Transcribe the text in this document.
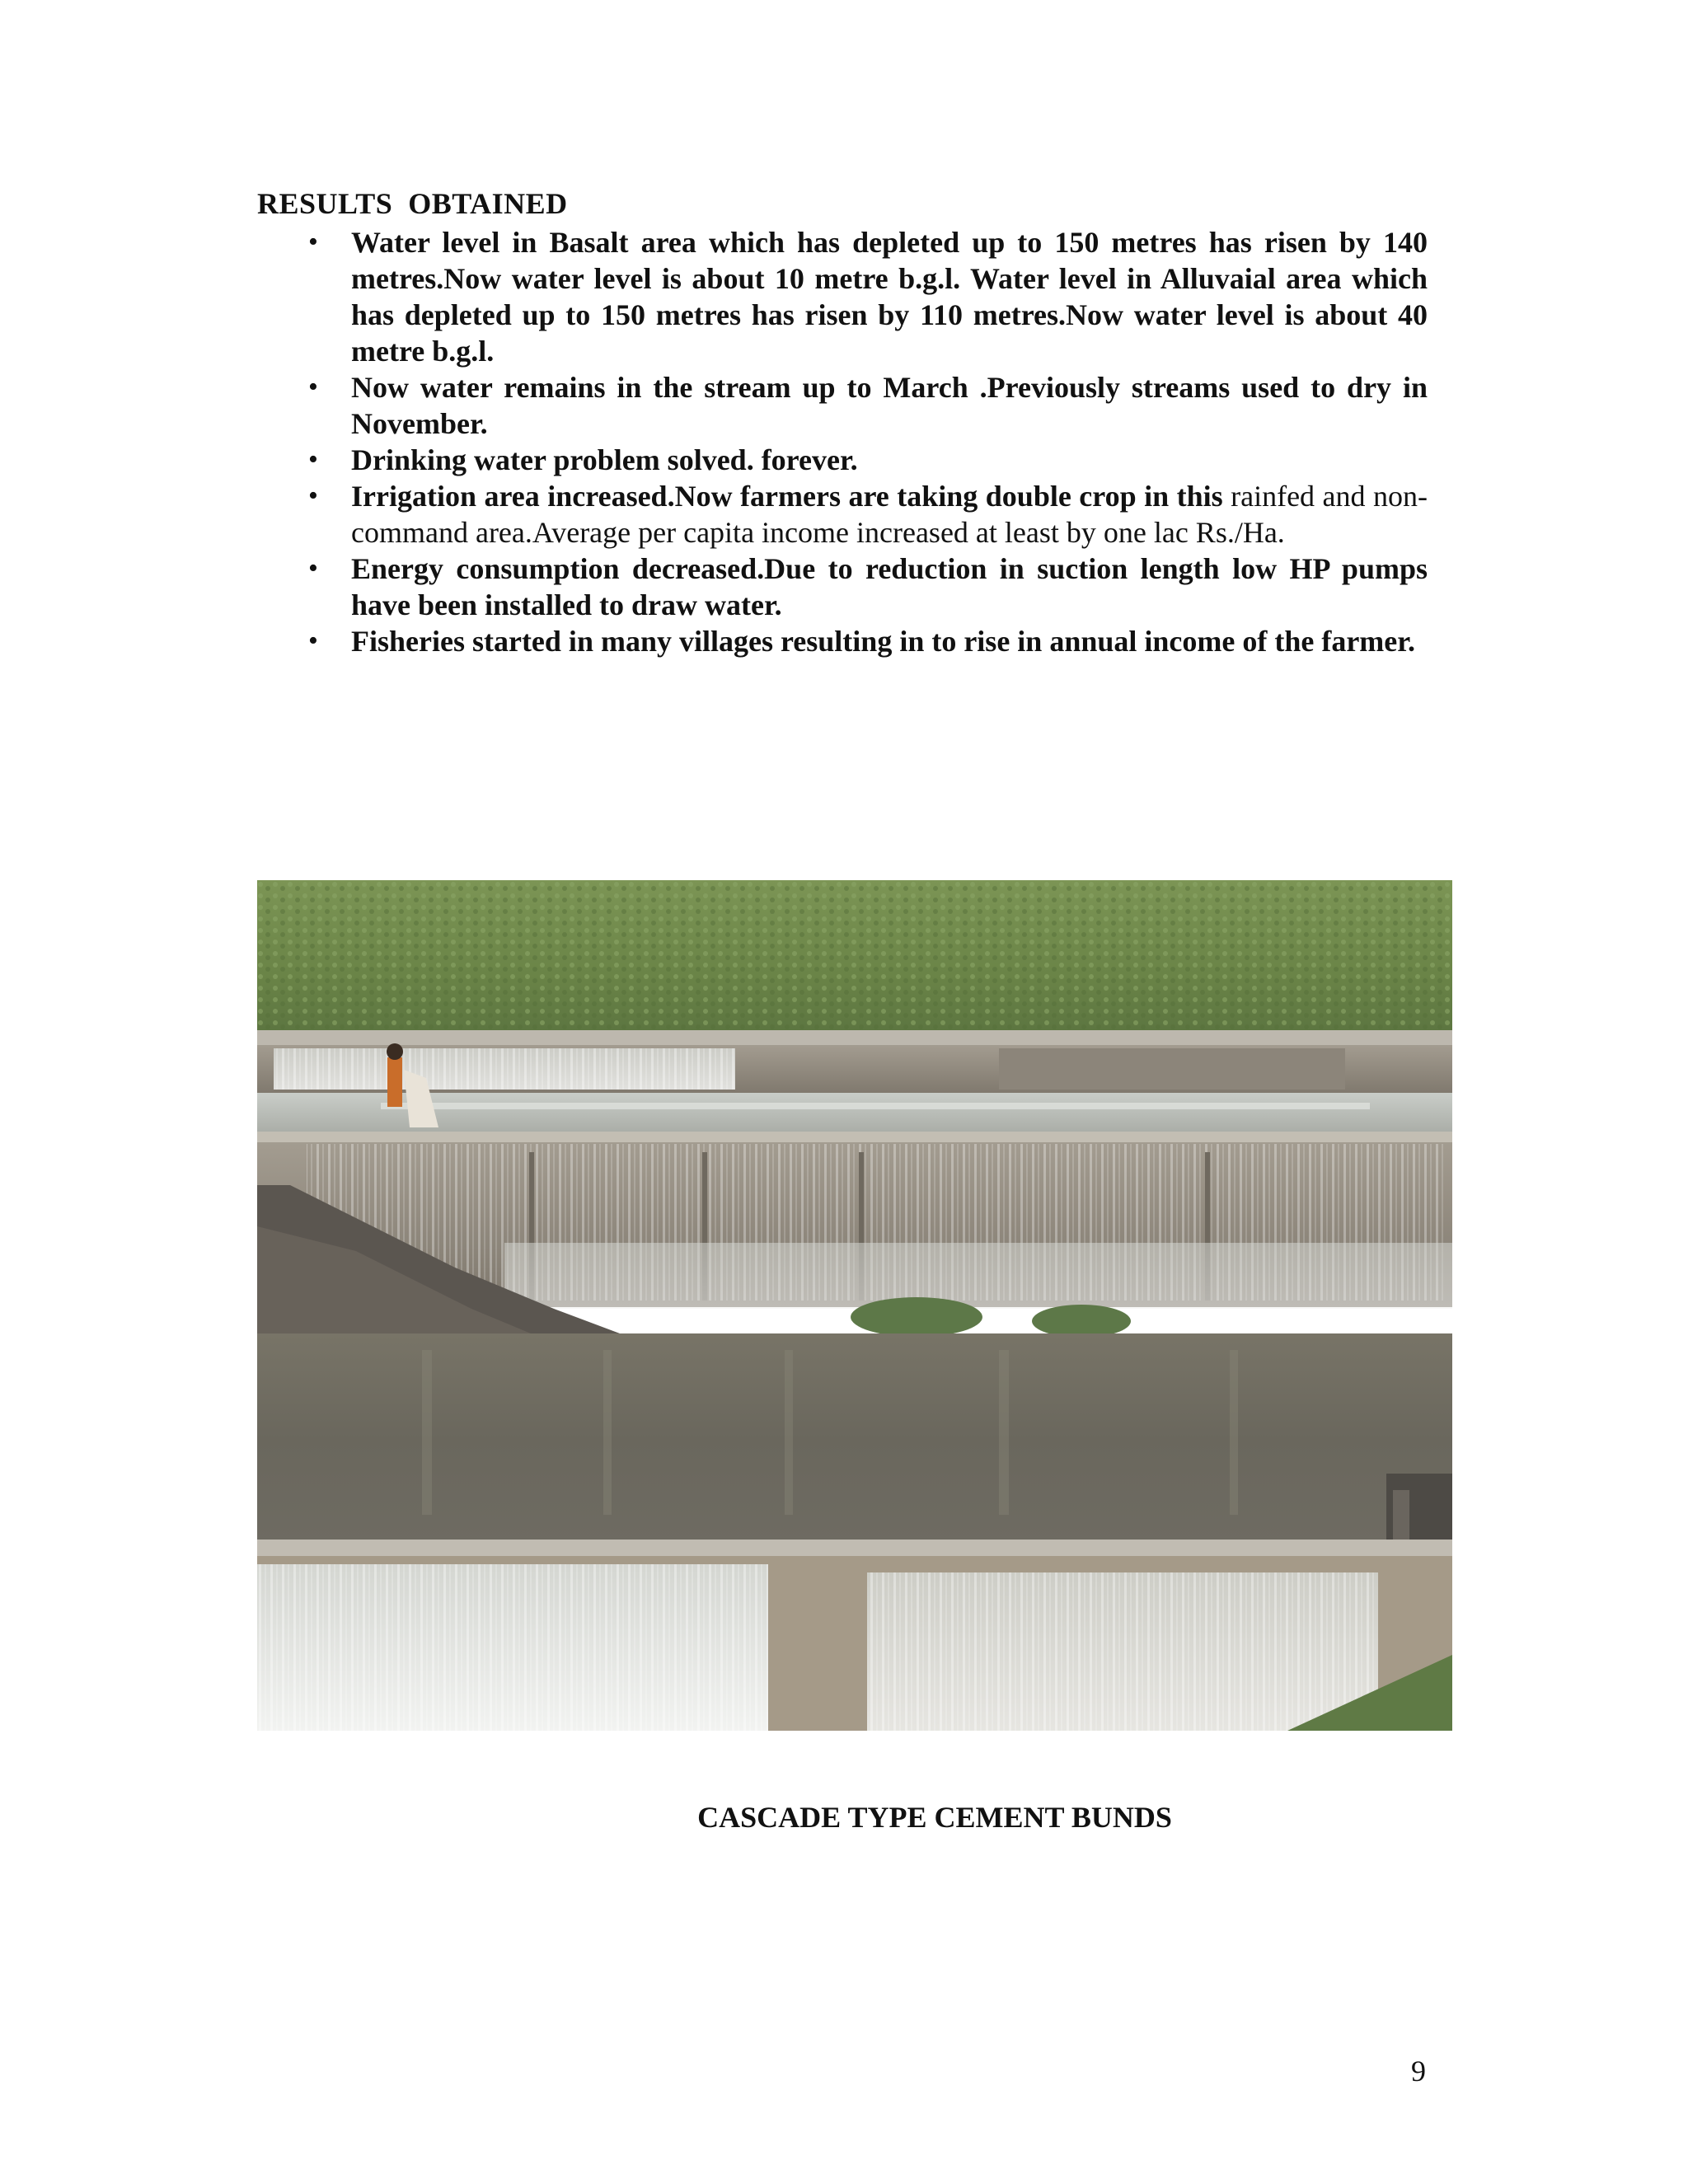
RESULTS  OBTAINED
• Water level in Basalt area which has depleted up to 150 metres has risen by 140 metres.Now water level is about 10 metre b.g.l. Water level in Alluvaial area which has depleted up to 150 metres has risen by 110 metres.Now water level is about 40 metre b.g.l.
• Now water remains in the stream up to March .Previously streams used to dry in November.
• Drinking water problem solved. forever.
• Irrigation area increased.Now farmers are taking double crop in this rainfed and non-command area.Average per capita income increased at least by one lac Rs./Ha.
• Energy consumption decreased.Due to reduction in suction length low HP pumps have been installed to draw water.
• Fisheries started in many villages resulting in to rise in annual income of the farmer.
CASCADE TYPE CEMENT BUNDS
9
